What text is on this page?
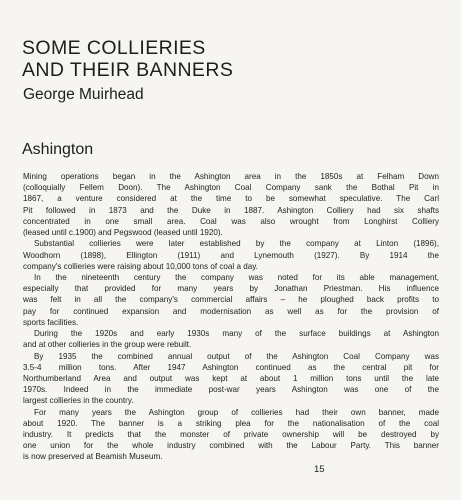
SOME COLLIERIES
AND THEIR BANNERS
George Muirhead
Ashington

Mining operations began in the Ashington area in the 1850s at Felham Down
(colloquially Fellem Doon). The Ashington Coal Company sank the Bothal Pit in
1867, a venture considered at the time to be somewhat speculative. The Carl
Pit followed in 1873 and the Duke in 1887. Ashington Colliery had six shafts
concentrated in one small area. Coal was also wrought from Longhirst Colliery
(leased until c.1900) and Pegswood (leased until 1920).

Substantial collieries were later established by the company at Linton (1896),
Woodhorn (1898), Ellington (1911) and Lynemouth (1927). By 1914 the
company's collieries were raising about 10,000 tons of coal a day.

In the nineteenth century the company was noted for its able management,
especially that provided for many years by Jonathan Priestman. His influence
was felt in all the company's commercial affairs – he ploughed back profits to
pay for continued expansion and modernisation as well as for the provision of
sports facilities.

During the 1920s and early 1930s many of the surface buildings at Ashington
and at other collieries in the group were rebuilt.

By 1935 the combined annual output of the Ashington Coal Company was
3.5-4 million tons. After 1947 Ashington continued as the central pit for
Northumberland Area and output was kept at about 1 million tons until the late
1970s. Indeed in the immediate post-war years Ashington was one of the
largest collieries in the country.

For many years the Ashington group of collieries had their own banner, made
about 1920. The banner is a striking plea for the nationalisation of the coal
industry. It predicts that the monster of private ownership will be destroyed by
one union for the whole industry combined with the Labour Party. This banner
is now preserved at Beamish Museum.

15
